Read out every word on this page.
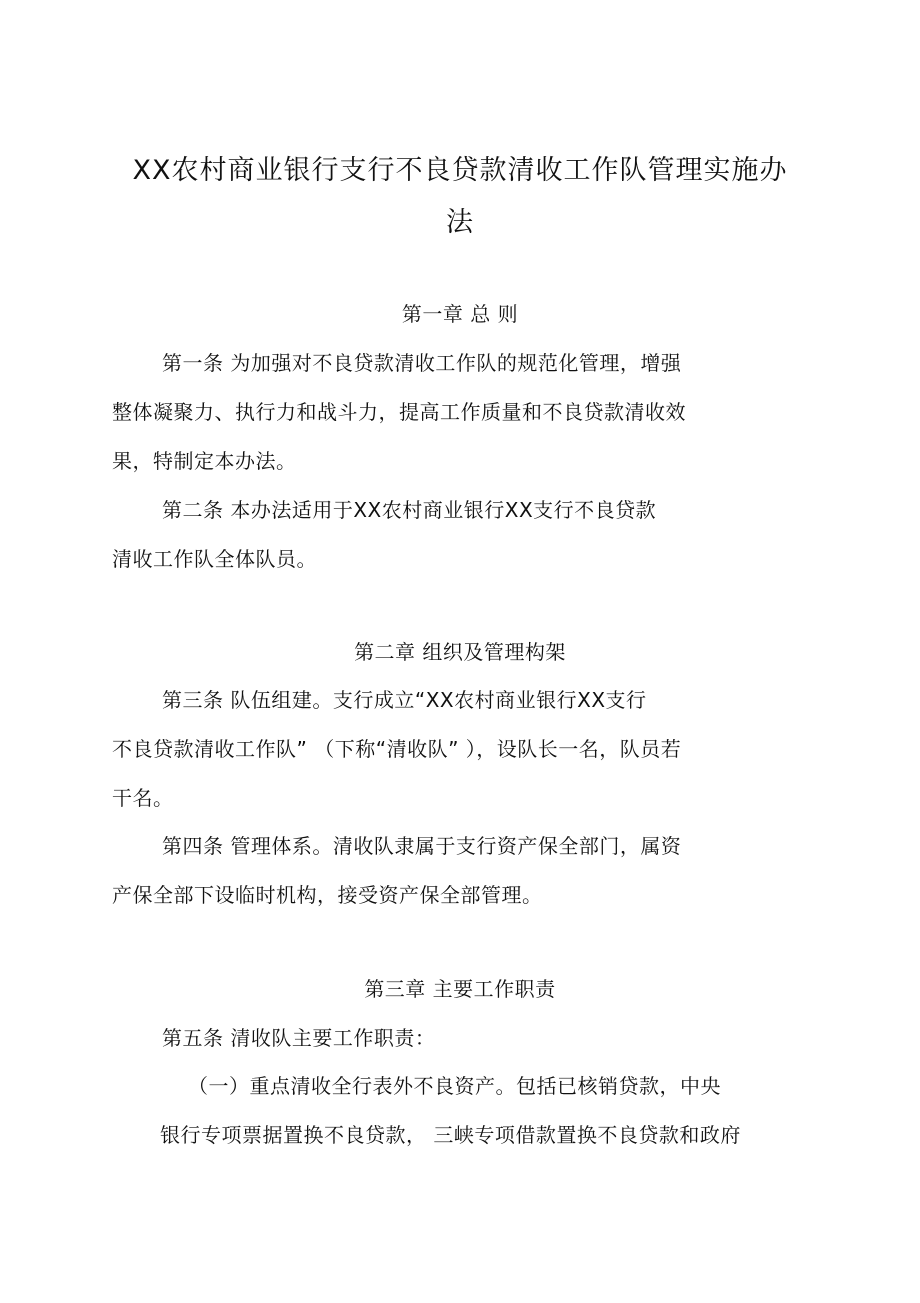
XX农村商业银行支行不良贷款清收工作队管理实施办
法
第一章 总 则
第一条 为加强对不良贷款清收工作队的规范化管理，增强
整体凝聚力、执行力和战斗力，提高工作质量和不良贷款清收效
果，特制定本办法。
第二条 本办法适用于XX农村商业银行XX支行不良贷款
清收工作队全体队员。
第二章 组织及管理构架
第三条 队伍组建。支行成立“XX农村商业银行XX支行
不良贷款清收工作队” （下称“清收队” ），设队长一名，队员若
干名。
第四条 管理体系。清收队隶属于支行资产保全部门，属资
产保全部下设临时机构，接受资产保全部管理。
第三章 主要工作职责
第五条 清收队主要工作职责：
（一）重点清收全行表外不良资产。包括已核销贷款，中央
银行专项票据置换不良贷款， 三峡专项借款置换不良贷款和政府
